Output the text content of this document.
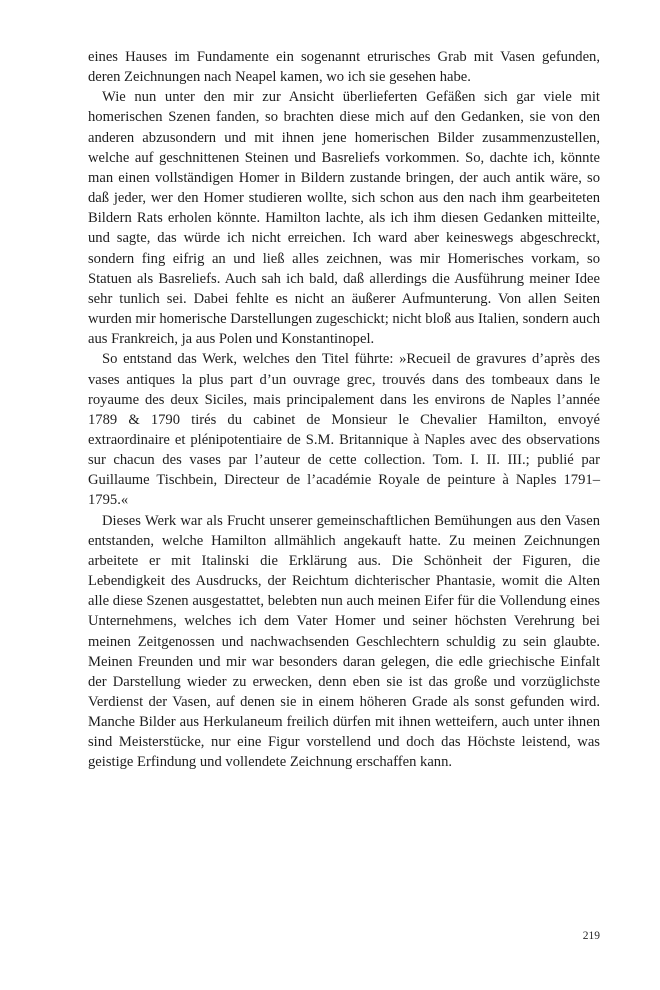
eines Hauses im Fundamente ein sogenannt etrurisches Grab mit Vasen gefunden, deren Zeichnungen nach Neapel kamen, wo ich sie gesehen habe.

Wie nun unter den mir zur Ansicht überlieferten Gefäßen sich gar viele mit homerischen Szenen fanden, so brachten diese mich auf den Gedanken, sie von den anderen abzusondern und mit ihnen jene homerischen Bilder zusammenzustellen, welche auf geschnittenen Steinen und Basreliefs vorkommen. So, dachte ich, könnte man einen vollständigen Homer in Bildern zustande bringen, der auch antik wäre, so daß jeder, wer den Homer studieren wollte, sich schon aus den nach ihm gearbeiteten Bildern Rats erholen könnte. Hamilton lachte, als ich ihm diesen Gedanken mitteilte, und sagte, das würde ich nicht erreichen. Ich ward aber keineswegs abgeschreckt, sondern fing eifrig an und ließ alles zeichnen, was mir Homerisches vorkam, so Statuen als Basreliefs. Auch sah ich bald, daß allerdings die Ausführung meiner Idee sehr tunlich sei. Dabei fehlte es nicht an äußerer Aufmunterung. Von allen Seiten wurden mir homerische Darstellungen zugeschickt; nicht bloß aus Italien, sondern auch aus Frankreich, ja aus Polen und Konstantinopel.

So entstand das Werk, welches den Titel führte: »Recueil de gravures d’après des vases antiques la plus part d’un ouvrage grec, trouvés dans des tombeaux dans le royaume des deux Siciles, mais principalement dans les environs de Naples l’année 1789 & 1790 tirés du cabinet de Monsieur le Chevalier Hamilton, envoyé extraordinaire et plénipotentiaire de S.M. Britannique à Naples avec des observations sur chacun des vases par l’auteur de cette collection. Tom. I. II. III.; publié par Guillaume Tischbein, Directeur de l’académie Royale de peinture à Naples 1791–1795.«

Dieses Werk war als Frucht unserer gemeinschaftlichen Bemühungen aus den Vasen entstanden, welche Hamilton allmählich angekauft hatte. Zu meinen Zeichnungen arbeitete er mit Italinski die Erklärung aus. Die Schönheit der Figuren, die Lebendigkeit des Ausdrucks, der Reichtum dichterischer Phantasie, womit die Alten alle diese Szenen ausgestattet, belebten nun auch meinen Eifer für die Vollendung eines Unternehmens, welches ich dem Vater Homer und seiner höchsten Verehrung bei meinen Zeitgenossen und nachwachsenden Geschlechtern schuldig zu sein glaubte. Meinen Freunden und mir war besonders daran gelegen, die edle griechische Einfalt der Darstellung wieder zu erwecken, denn eben sie ist das große und vorzüglichste Verdienst der Vasen, auf denen sie in einem höheren Grade als sonst gefunden wird. Manche Bilder aus Herkulaneum freilich dürfen mit ihnen wetteifern, auch unter ihnen sind Meisterstücke, nur eine Figur vorstellend und doch das Höchste leistend, was geistige Erfindung und vollendete Zeichnung erschaffen kann.

219
